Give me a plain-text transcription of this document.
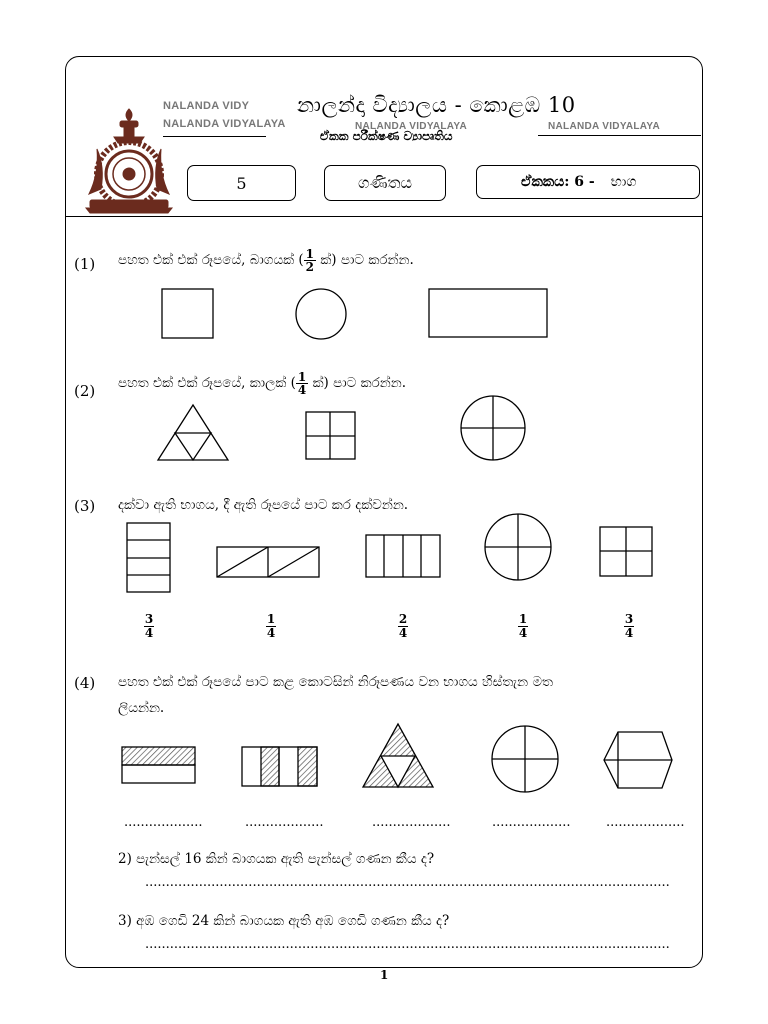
NALANDA VIDY
NALANDA VIDYALAYA	NALANDA VIDYALAYA	NALANDA VIDYALAYA
නාලන්දා විද්‍යාලය - කොළඹ 10
ඒකක පරීක්ෂණ ව්‍යාපෘතිය
5	ගණිතය	ඒකකය: 6 - භාග
(1) පහත එක් එක් රූපයේ, බාගයක් ( $\frac{1}{2}$ ක්) පාට කරන්න.
(2) පහත එක් එක් රූපයේ, කාලක් ( $\frac{1}{4}$ ක්) පාට කරන්න.
(3) දක්වා ඇති භාගය, දී ඇති රූපයේ පාට කර දක්වන්න.
$\frac{3}{4}$	$\frac{1}{4}$	$\frac{2}{4}$	$\frac{1}{4}$	$\frac{3}{4}$
(4) පහත එක් එක් රූපයේ පාට කළ කොටසින් නිරූපණය වන භාගය හිස්තැන මත
ලියන්න.
...................	...................	...................	...................	...................
2) පැන්සල් 16 කින් බාගයක ඇති පැන්සල් ගණන කීය ද?
...............................................................................................................................
3) අඹ ගෙඩි 24 කින් බාගයක ඇති අඹ ගෙඩි ගණන කීය ද?
...............................................................................................................................
1
